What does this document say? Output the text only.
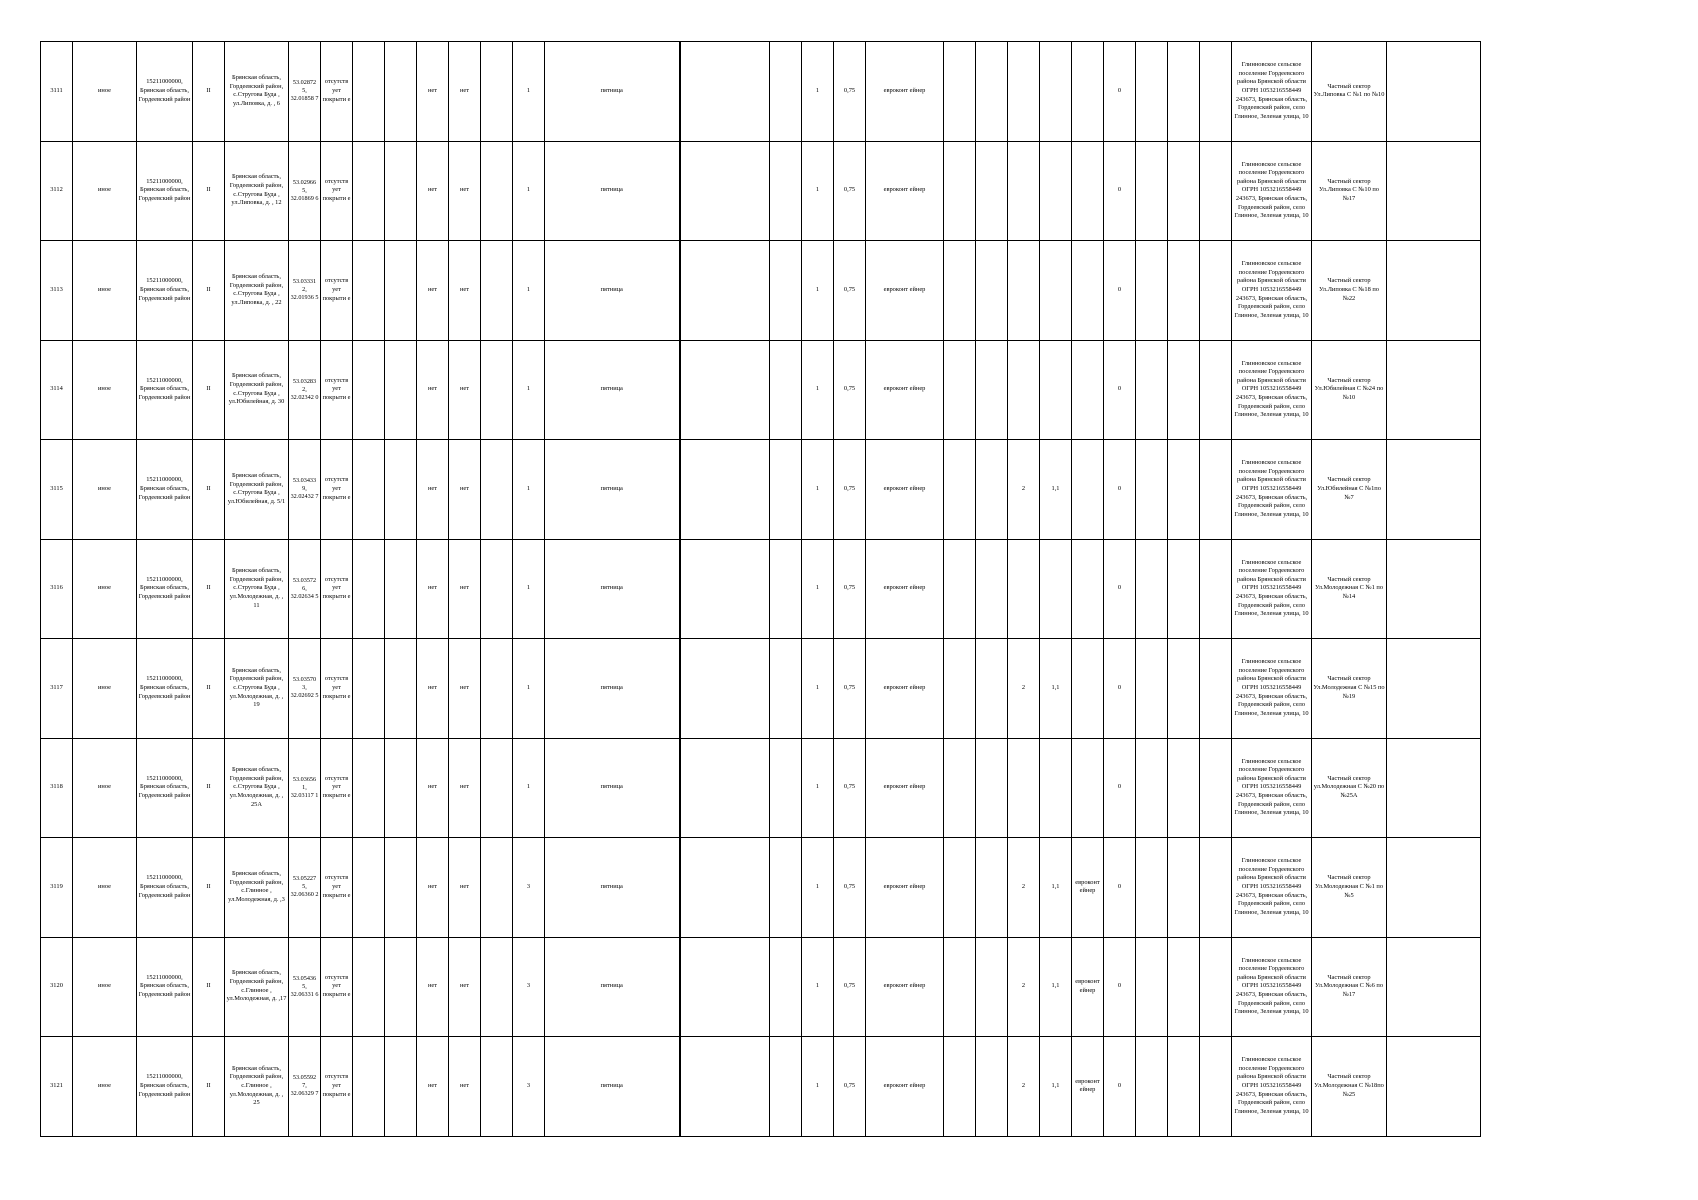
3111	иное	15211000000, Брянская область, Гордеевский район	II	Брянская область, Гордеевский район, с.Стругова Буда , ул.Липовка, д. , 6	53.02872 5, 32.01858 7	отсутств ует покрыти е			нет	нет		1	пятница			1	0,75	евроконт ейнер						0				Глинновское сельское поселение Гордеевского района Брянской области ОГРН 1053216558449 243673, Брянская область, Гордеевский район, село Глинное, Зеленая улица, 10	Частный сектор Ул.Липовка С №1 по №10	
3112	иное	15211000000, Брянская область, Гордеевский район	II	Брянская область, Гордеевский район, с.Стругова Буда , ул.Липовка, д. , 12	53.02966 5, 32.01869 6	отсутств ует покрыти е			нет	нет		1	пятница			1	0,75	евроконт ейнер						0				Глинновское сельское поселение Гордеевского района Брянской области ОГРН 1053216558449 243673, Брянская область, Гордеевский район, село Глинное, Зеленая улица, 10	Частный сектор Ул.Липовка С №10 по №17	
3113	иное	15211000000, Брянская область, Гордеевский район	II	Брянская область, Гордеевский район, с.Стругова Буда , ул.Липовка, д. , 22	53.03331 2, 32.01936 5	отсутств ует покрыти е			нет	нет		1	пятница			1	0,75	евроконт ейнер						0				Глинновское сельское поселение Гордеевского района Брянской области ОГРН 1053216558449 243673, Брянская область, Гордеевский район, село Глинное, Зеленая улица, 10	Частный сектор Ул.Липовка С №18 по №22	
3114	иное	15211000000, Брянская область, Гордеевский район	II	Брянская область, Гордеевский район, с.Стругова Буда , ул.Юбилейная, д. 30	53.03283 2, 32.02342 0	отсутств ует покрыти е			нет	нет		1	пятница			1	0,75	евроконт ейнер						0				Глинновское сельское поселение Гордеевского района Брянской области ОГРН 1053216558449 243673, Брянская область, Гордеевский район, село Глинное, Зеленая улица, 10	Частный сектор Ул.Юбилейная С №24 по №10	
3115	иное	15211000000, Брянская область, Гордеевский район	II	Брянская область, Гордеевский район, с.Стругова Буда , ул.Юбилейная, д. 5/1	53.03433 9, 32.02432 7	отсутств ует покрыти е			нет	нет		1	пятница			1	0,75	евроконт ейнер			2	1,1		0				Глинновское сельское поселение Гордеевского района Брянской области ОГРН 1053216558449 243673, Брянская область, Гордеевский район, село Глинное, Зеленая улица, 10	Частный сектор Ул.Юбилейная С №1по №7	
3116	иное	15211000000, Брянская область, Гордеевский район	II	Брянская область, Гордеевский район, с.Стругова Буда , ул.Молодежная, д. , 11	53.03572 6, 32.02634 5	отсутств ует покрыти е			нет	нет		1	пятница			1	0,75	евроконт ейнер						0				Глинновское сельское поселение Гордеевского района Брянской области ОГРН 1053216558449 243673, Брянская область, Гордеевский район, село Глинное, Зеленая улица, 10	Частный сектор Ул.Молодежная С №1 по №14	
3117	иное	15211000000, Брянская область, Гордеевский район	II	Брянская область, Гордеевский район, с.Стругова Буда , ул.Молодежная, д. , 19	53.03570 3, 32.02692 5	отсутств ует покрыти е			нет	нет		1	пятница			1	0,75	евроконт ейнер			2	1,1		0				Глинновское сельское поселение Гордеевского района Брянской области ОГРН 1053216558449 243673, Брянская область, Гордеевский район, село Глинное, Зеленая улица, 10	Частный сектор Ул.Молодежная С №15 по №19	
3118	иное	15211000000, Брянская область, Гордеевский район	II	Брянская область, Гордеевский район, с.Стругова Буда , ул.Молодежная, д. , 25А	53.03656 1, 32.03117 1	отсутств ует покрыти е			нет	нет		1	пятница			1	0,75	евроконт ейнер						0				Глинновское сельское поселение Гордеевского района Брянской области ОГРН 1053216558449 243673, Брянская область, Гордеевский район, село Глинное, Зеленая улица, 10	Частный сектор ул.Молодежная С №20 по №25А	
3119	иное	15211000000, Брянская область, Гордеевский район	II	Брянская область, Гордеевский район, с.Глинное , ул.Молодежная, д. ,3	53.05227 5, 32.06360 2	отсутств ует покрыти е			нет	нет		3	пятница			1	0,75	евроконт ейнер			2	1,1	евроконт ейнер	0				Глинновское сельское поселение Гордеевского района Брянской области ОГРН 1053216558449 243673, Брянская область, Гордеевский район, село Глинное, Зеленая улица, 10	Частный сектор Ул.Молодежная С №1 по №5	
3120	иное	15211000000, Брянская область, Гордеевский район	II	Брянская область, Гордеевский район, с.Глинное , ул.Молодежная, д. ,17	53.05436 5, 32.06331 6	отсутств ует покрыти е			нет	нет		3	пятница			1	0,75	евроконт ейнер			2	1,1	евроконт ейнер	0				Глинновское сельское поселение Гордеевского района Брянской области ОГРН 1053216558449 243673, Брянская область, Гордеевский район, село Глинное, Зеленая улица, 10	Частный сектор Ул.Молодежная С №6 по №17	
3121	иное	15211000000, Брянская область, Гордеевский район	II	Брянская область, Гордеевский район, с.Глинное , ул.Молодежная, д. , 25	53.05592 7, 32.06329 7	отсутств ует покрыти е			нет	нет		3	пятница			1	0,75	евроконт ейнер			2	1,1	евроконт ейнер	0				Глинновское сельское поселение Гордеевского района Брянской области ОГРН 1053216558449 243673, Брянская область, Гордеевский район, село Глинное, Зеленая улица, 10	Частный сектор Ул.Молодежная С №18по №25	
